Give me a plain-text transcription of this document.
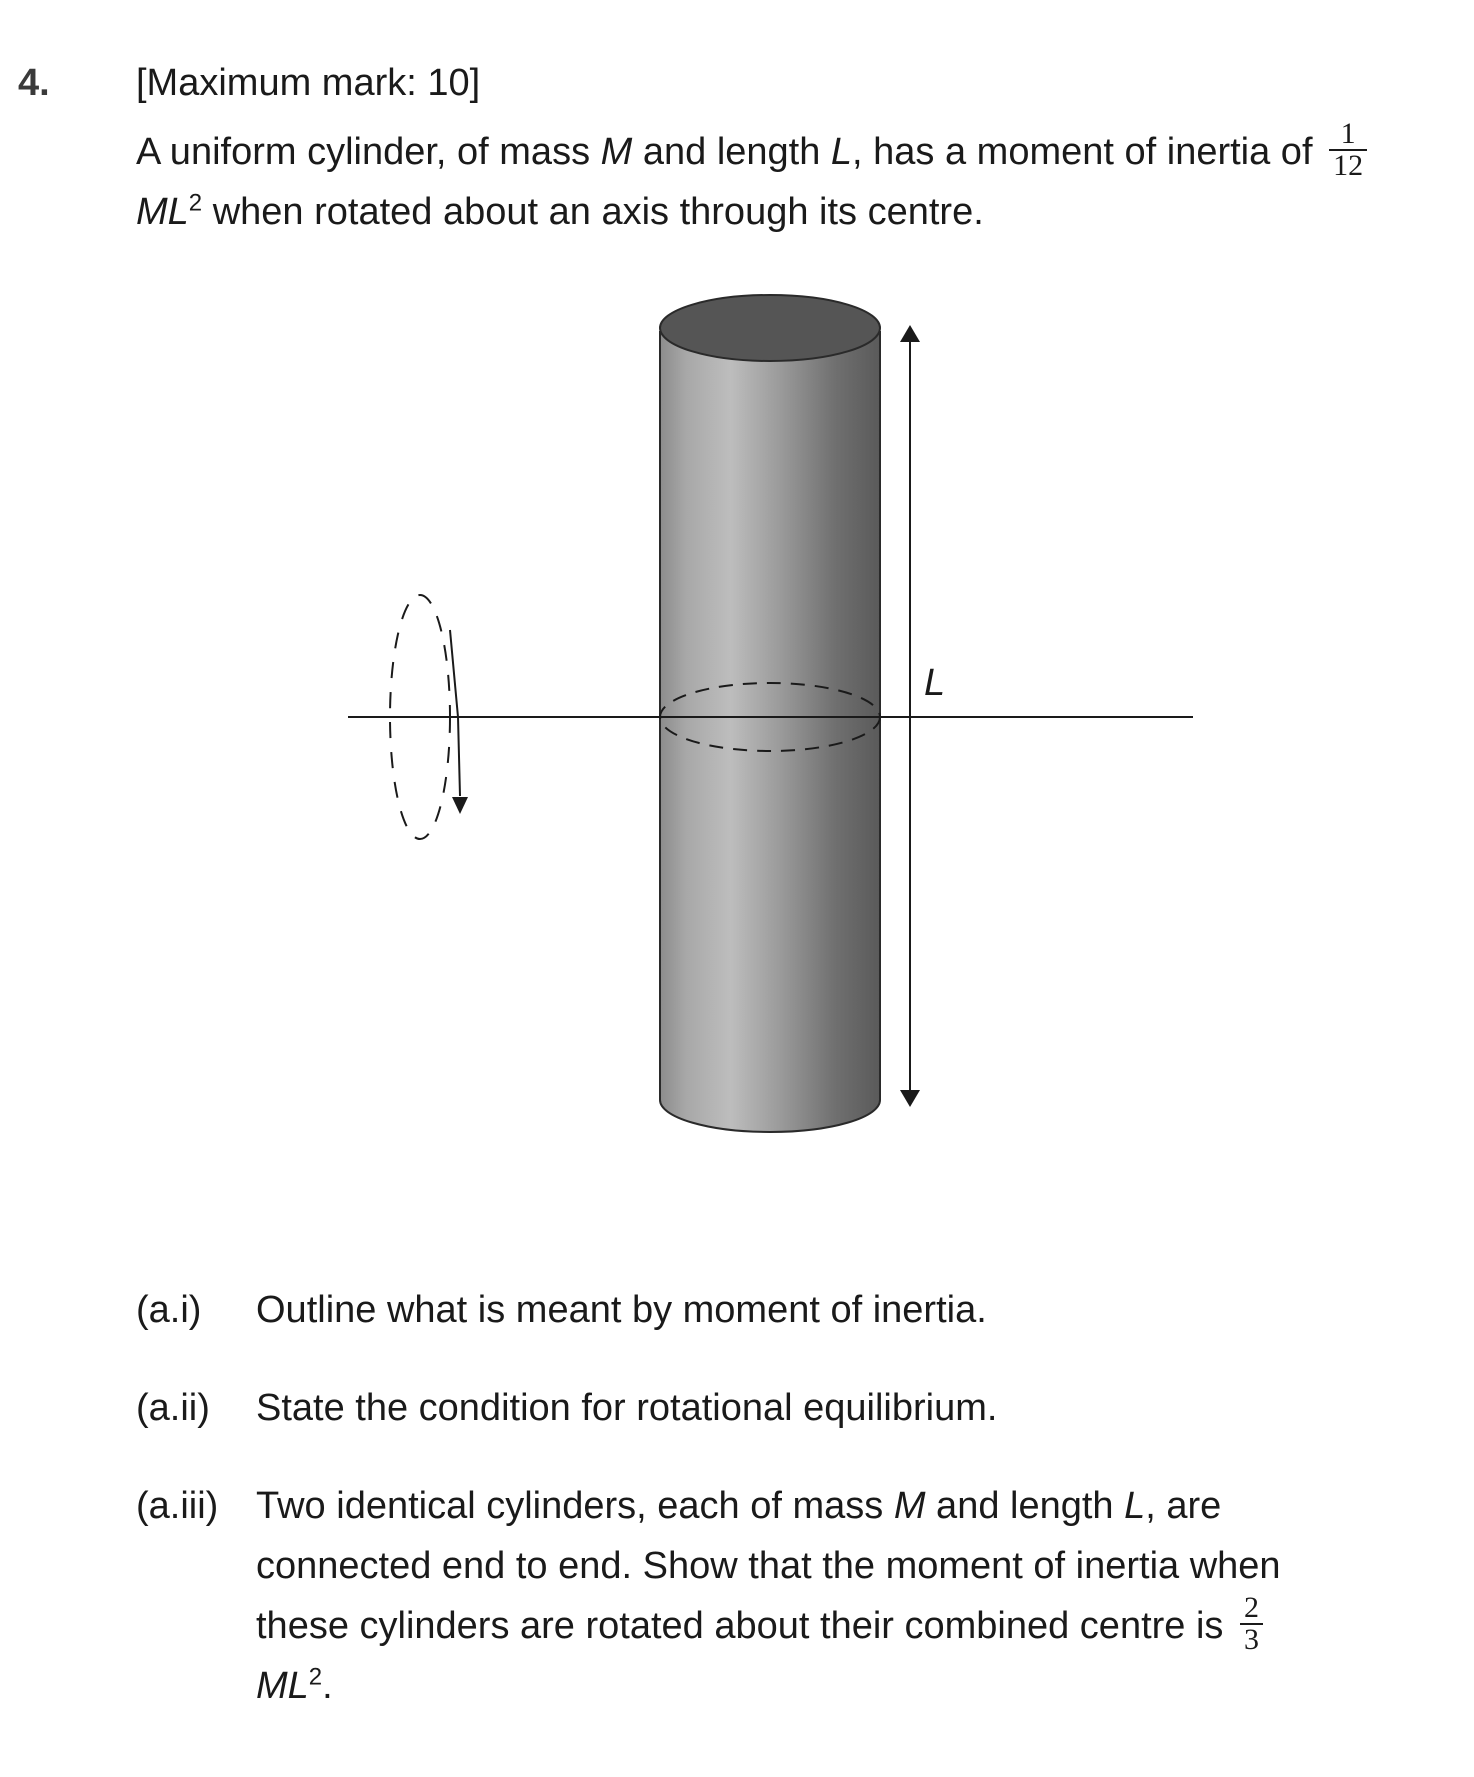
4. [Maximum mark: 10]
A uniform cylinder, of mass M and length L, has a moment of inertia of $\frac{1}{12}$
$ML^2$ when rotated about an axis through its centre.
L
(a.i) Outline what is meant by moment of inertia.
(a.ii) State the condition for rotational equilibrium.
(a.iii) Two identical cylinders, each of mass M and length L, are
connected end to end. Show that the moment of inertia when
these cylinders are rotated about their combined centre is $\frac{2}{3}$
$ML^2$.
